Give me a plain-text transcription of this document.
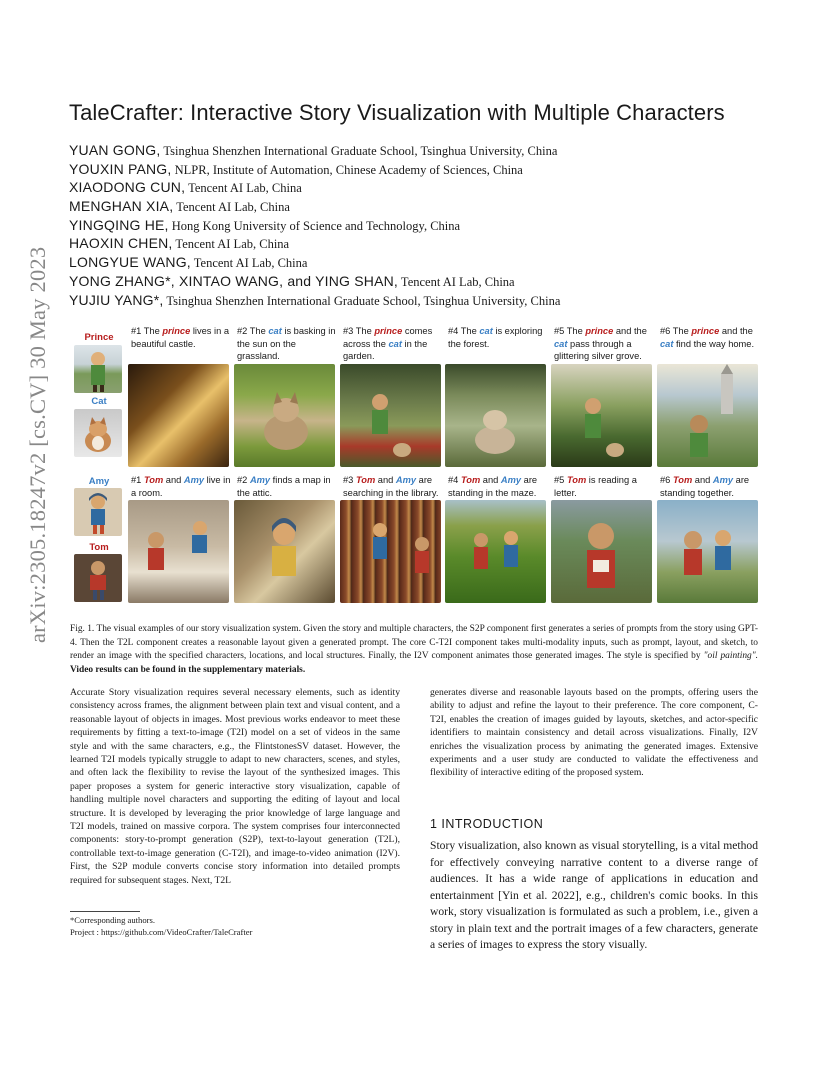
arXiv:2305.18247v2 [cs.CV] 30 May 2023
TaleCrafter: Interactive Story Visualization with Multiple Characters
YUAN GONG, Tsinghua Shenzhen International Graduate School, Tsinghua University, China
YOUXIN PANG, NLPR, Institute of Automation, Chinese Academy of Sciences, China
XIAODONG CUN, Tencent AI Lab, China
MENGHAN XIA, Tencent AI Lab, China
YINGQING HE, Hong Kong University of Science and Technology, China
HAOXIN CHEN, Tencent AI Lab, China
LONGYUE WANG, Tencent AI Lab, China
YONG ZHANG*, XINTAO WANG, and YING SHAN, Tencent AI Lab, China
YUJIU YANG*, Tsinghua Shenzhen International Graduate School, Tsinghua University, China
Prince
Cat
Amy
Tom
#1 The prince lives in a beautiful castle.
#2 The cat is basking in the sun on the grassland.
#3 The prince comes across the cat in the garden.
#4 The cat is exploring the forest.
#5 The prince and the cat pass through a glittering silver grove.
#6 The prince and the cat find the way home.
#1 Tom and Amy live in a room.
#2 Amy finds a map in the attic.
#3 Tom and Amy are searching in the library.
#4 Tom and Amy are standing in the maze.
#5 Tom is reading a letter.
#6 Tom and Amy are standing together.
Fig. 1. The visual examples of our story visualization system. Given the story and multiple characters, the S2P component first generates a series of prompts from the story using GPT-4. Then the T2L component creates a reasonable layout given a generated prompt. The core C-T2I component takes multi-modality inputs, such as prompt, layout, and sketch, to render an image with the specified characters, locations, and local structures. Finally, the I2V component animates those generated images. The style is specified by "oil painting". Video results can be found in the supplementary materials.

Accurate Story visualization requires several necessary elements, such as identity consistency across frames, the alignment between plain text and visual content, and a reasonable layout of objects in images. Most previous works endeavor to meet these requirements by fitting a text-to-image (T2I) model on a set of videos in the same style and with the same characters, e.g., the FlintstonesSV dataset. However, the learned T2I models typically struggle to adapt to new characters, scenes, and styles, and often lack the flexibility to revise the layout of the synthesized images. This paper proposes a system for generic interactive story visualization, capable of handling multiple novel characters and supporting the editing of layout and local structure. It is developed by leveraging the prior knowledge of large language and T2I models, trained on massive corpora. The system comprises four interconnected components: story-to-prompt generation (S2P), text-to-layout generation (T2L), controllable text-to-image generation (C-T2I), and image-to-video animation (I2V). First, the S2P module converts concise story information into detailed prompts required for subsequent stages. Next, T2L

generates diverse and reasonable layouts based on the prompts, offering users the ability to adjust and refine the layout to their preference. The core component, C-T2I, enables the creation of images guided by layouts, sketches, and actor-specific identifiers to maintain consistency and detail across visualizations. Finally, I2V enriches the visualization process by animating the generated images. Extensive experiments and a user study are conducted to validate the effectiveness and flexibility of interactive editing of the proposed system.

1 INTRODUCTION
Story visualization, also known as visual storytelling, is a vital method for effectively conveying narrative content to a diverse range of audiences. It has a wide range of applications in education and entertainment [Yin et al. 2022], e.g., children's comic books. In this work, story visualization is formulated as such a problem, i.e., given a story in plain text and the portrait images of a few characters, generate a series of images to express the story visually.
*Corresponding authors.
Project : https://github.com/VideoCrafter/TaleCrafter
